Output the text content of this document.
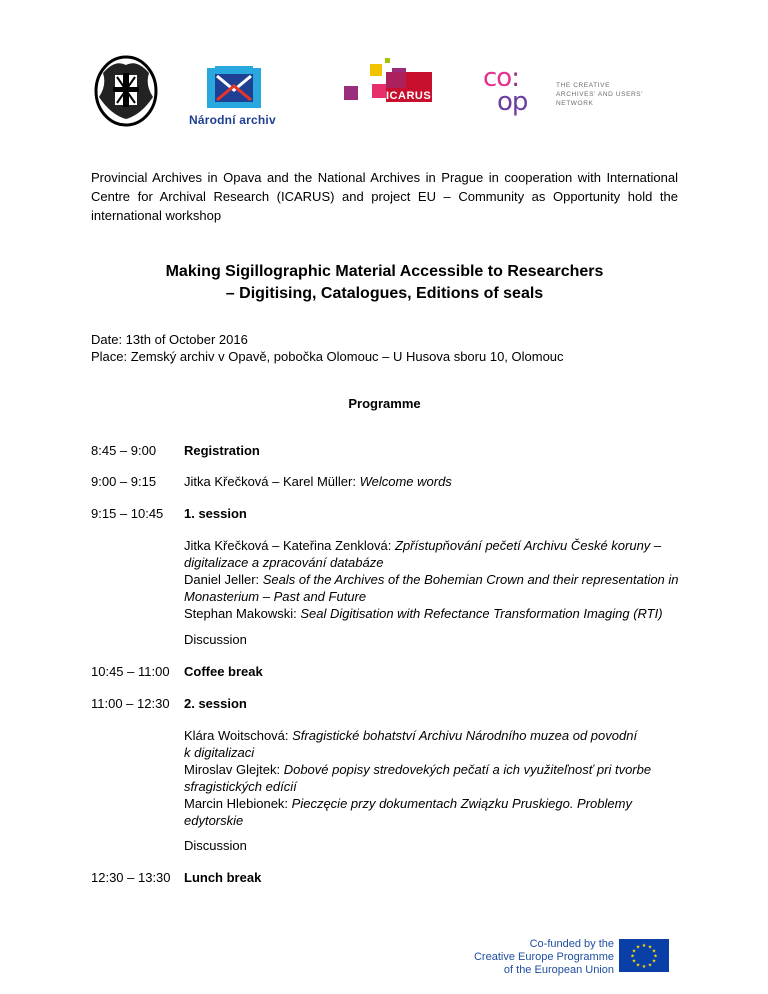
Národní archiv
ICARUS
co:
op
THE CREATIVE
ARCHIVES' AND USERS'
NETWORK
Provincial Archives in Opava and the National Archives in Prague in cooperation with International Centre for Archival Research (ICARUS) and project EU – Community as Opportunity hold the international workshop
Making Sigillographic Material Accessible to Researchers
– Digitising, Catalogues, Editions of seals
Date: 13th of October 2016
Place: Zemský archiv v Opavě, pobočka Olomouc – U Husova sboru 10, Olomouc
Programme
8:45 – 9:00 Registration
9:00 – 9:15 Jitka Křečková – Karel Müller: Welcome words
9:15 – 10:45 1. session
Jitka Křečková – Kateřina Zenklová: Zpřístupňování pečetí Archivu České koruny –
digitalizace a zpracování databáze
Daniel Jeller: Seals of the Archives of the Bohemian Crown and their representation in
Monasterium – Past and Future
Stephan Makowski: Seal Digitisation with Refectance Transformation Imaging (RTI)
Discussion
10:45 – 11:00 Coffee break
11:00 – 12:30 2. session
Klára Woitschová: Sfragistické bohatství Archivu Národního muzea od povodní
k digitalizaci
Miroslav Glejtek: Dobové popisy stredovekých pečatí a ich využiteľnosť pri tvorbe
sfragistických edícií
Marcin Hlebionek: Pieczęcie przy dokumentach Związku Pruskiego. Problemy
edytorskie
Discussion
12:30 – 13:30 Lunch break
Co-funded by the
Creative Europe Programme
of the European Union
★ ★
★
★
★
★
★
★
★
★
★
★
